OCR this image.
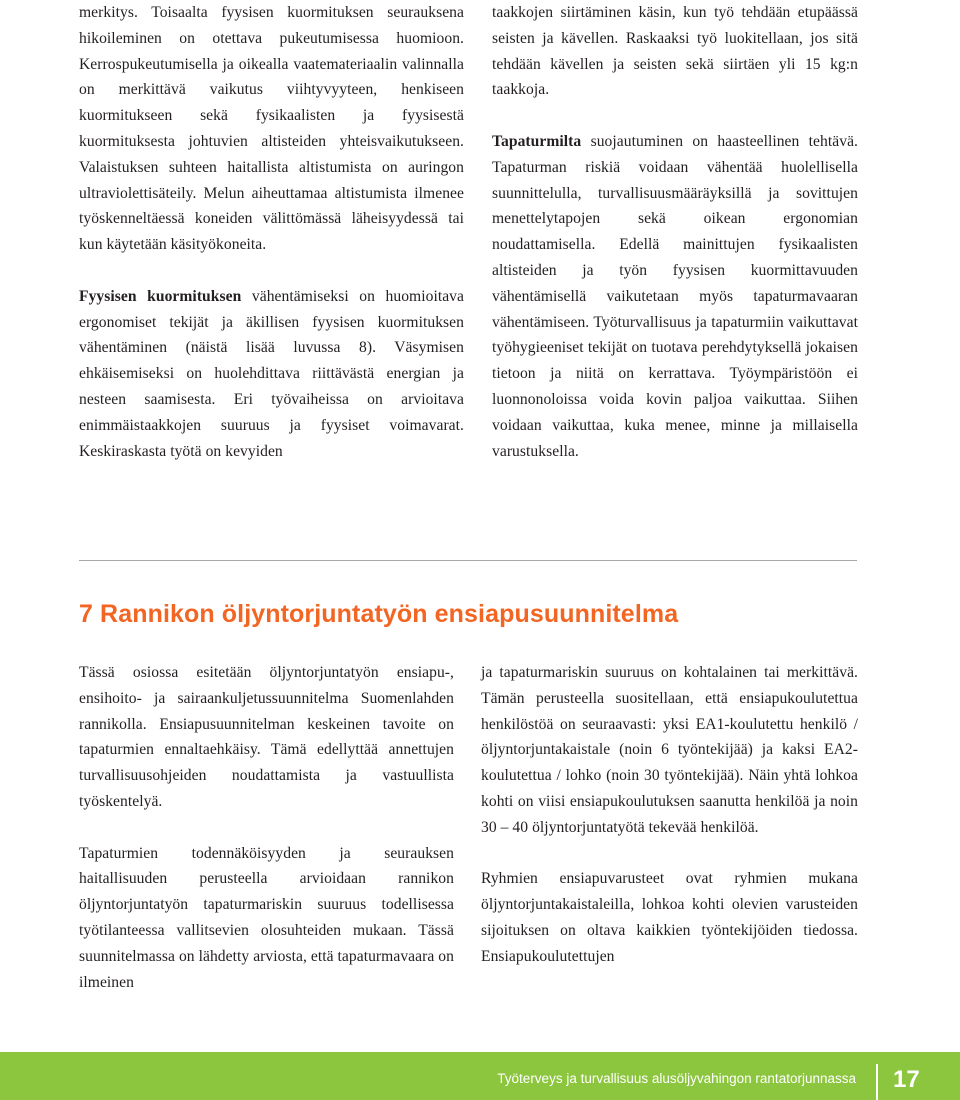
merkitys. Toisaalta fyysisen kuormituksen seurauksena hikoileminen on otettava pukeutumisessa huomioon. Kerrospukeutumisella ja oikealla vaatemateriaalin valinnalla on merkittävä vaikutus viihtyvyyteen, henkiseen kuormitukseen sekä fysikaalisten ja fyysisestä kuormituksesta johtuvien altisteiden yhteisvaikutukseen. Valaistuksen suhteen haitallista altistumista on auringon ultraviolettisäteily. Melun aiheuttamaa altistumista ilmenee työskenneltäessä koneiden välittömässä läheisyydessä tai kun käytetään käsityökoneita.

Fyysisen kuormituksen vähentämiseksi on huomioitava ergonomiset tekijät ja äkillisen fyysisen kuormituksen vähentäminen (näistä lisää luvussa 8). Väsymisen ehkäisemiseksi on huolehdittava riittävästä energian ja nesteen saamisesta. Eri työvaiheissa on arvioitava enimmäistaakkojen suuruus ja fyysiset voimavarat. Keskiraskasta työtä on kevyiden

taakkojen siirtäminen käsin, kun työ tehdään etupäässä seisten ja kävellen. Raskaaksi työ luokitellaan, jos sitä tehdään kävellen ja seisten sekä siirtäen yli 15 kg:n taakkoja.

Tapaturmilta suojautuminen on haasteellinen tehtävä. Tapaturman riskiä voidaan vähentää huolellisella suunnittelulla, turvallisuusmääräyksillä ja sovittujen menettelytapojen sekä oikean ergonomian noudattamisella. Edellä mainittujen fysikaalisten altisteiden ja työn fyysisen kuormittavuuden vähentämisellä vaikutetaan myös tapaturmavaaran vähentämiseen. Työturvallisuus ja tapaturmiin vaikuttavat työhygieeniset tekijät on tuotava perehdytyksellä jokaisen tietoon ja niitä on kerrattava. Työympäristöön ei luonnonoloissa voida kovin paljoa vaikuttaa. Siihen voidaan vaikuttaa, kuka menee, minne ja millaisella varustuksella.

7 Rannikon öljyntorjuntatyön ensiapusuunnitelma

Tässä osiossa esitetään öljyntorjuntatyön ensiapu-, ensihoito- ja sairaankuljetussuunnitelma Suomenlahden rannikolla. Ensiapusuunnitelman keskeinen tavoite on tapaturmien ennaltaehkäisy. Tämä edellyttää annettujen turvallisuusohjeiden noudattamista ja vastuullista työskentelyä.

Tapaturmien todennäköisyyden ja seurauksen haitallisuuden perusteella arvioidaan rannikon öljyntorjuntatyön tapaturmariskin suuruus todellisessa työtilanteessa vallitsevien olosuhteiden mukaan. Tässä suunnitelmassa on lähdetty arviosta, että tapaturmavaara on ilmeinen

ja tapaturmariskin suuruus on kohtalainen tai merkittävä. Tämän perusteella suositellaan, että ensiapukoulutettua henkilöstöä on seuraavasti: yksi EA1-koulutettu henkilö / öljyntorjuntakaistale (noin 6 työntekijää) ja kaksi EA2-koulutettua / lohko (noin 30 työntekijää). Näin yhtä lohkoa kohti on viisi ensiapukoulutuksen saanutta henkilöä ja noin 30 – 40 öljyntorjuntatyötä tekevää henkilöä.

Ryhmien ensiapuvarusteet ovat ryhmien mukana öljyntorjuntakaistaleilla, lohkoa kohti olevien varusteiden sijoituksen on oltava kaikkien työntekijöiden tiedossa. Ensiapukoulutettujen

Työterveys ja turvallisuus alusöljyvahingon rantatorjunnassa 17
